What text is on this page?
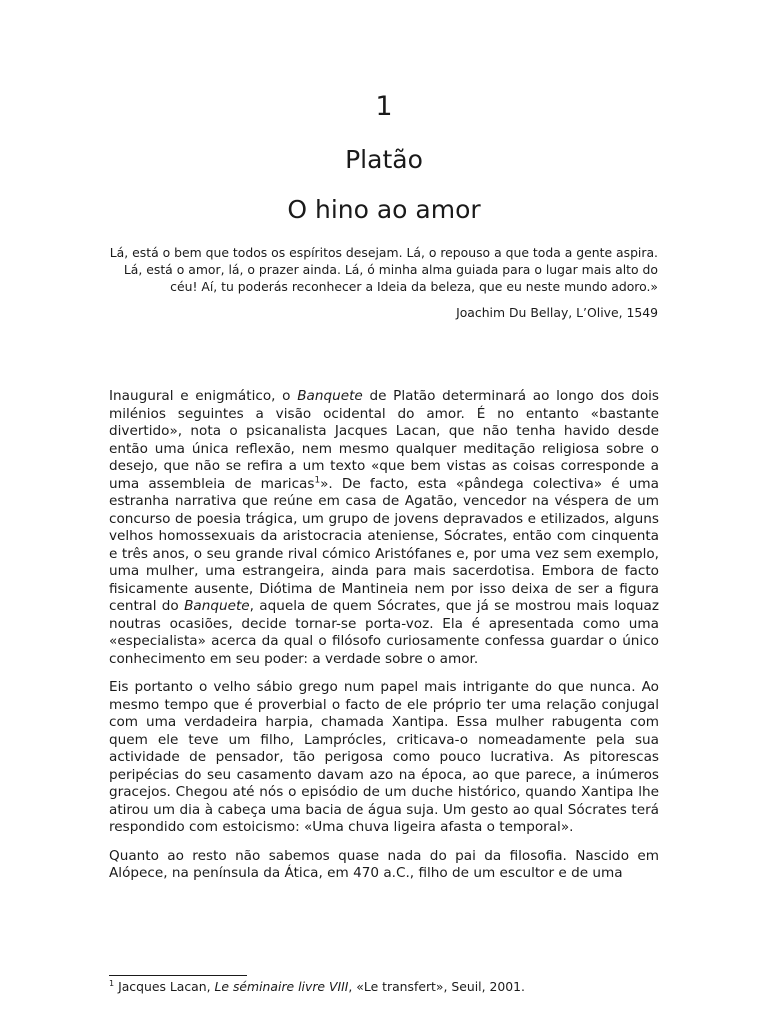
1
Platão
O hino ao amor

Lá, está o bem que todos os espíritos desejam. Lá, o repouso a que toda a gente aspira. Lá, está o amor, lá, o prazer ainda. Lá, ó minha alma guiada para o lugar mais alto do céu! Aí, tu poderás reconhecer a Ideia da beleza, que eu neste mundo adoro.»

Joachim Du Bellay, L’Olive, 1549

Inaugural e enigmático, o Banquete de Platão determinará ao longo dos dois milénios seguintes a visão ocidental do amor. É no entanto «bastante divertido», nota o psicanalista Jacques Lacan, que não tenha havido desde então uma única reflexão, nem mesmo qualquer meditação religiosa sobre o desejo, que não se refira a um texto «que bem vistas as coisas corresponde a uma assembleia de maricas$^1$». De facto, esta «pândega colectiva» é uma estranha narrativa que reúne em casa de Agatão, vencedor na véspera de um concurso de poesia trágica, um grupo de jovens depravados e etilizados, alguns velhos homossexuais da aristocracia ateniense, Sócrates, então com cinquenta e três anos, o seu grande rival cómico Aristófanes e, por uma vez sem exemplo, uma mulher, uma estrangeira, ainda para mais sacerdotisa. Embora de facto fisicamente ausente, Diótima de Mantineia nem por isso deixa de ser a figura central do Banquete, aquela de quem Sócrates, que já se mostrou mais loquaz noutras ocasiões, decide tornar-se porta-voz. Ela é apresentada como uma «especialista» acerca da qual o filósofo curiosamente confessa guardar o único conhecimento em seu poder: a verdade sobre o amor.

Eis portanto o velho sábio grego num papel mais intrigante do que nunca. Ao mesmo tempo que é proverbial o facto de ele próprio ter uma relação conjugal com uma verdadeira harpia, chamada Xantipa. Essa mulher rabugenta com quem ele teve um filho, Lamprócles, criticava-o nomeadamente pela sua actividade de pensador, tão perigosa como pouco lucrativa. As pitorescas peripécias do seu casamento davam azo na época, ao que parece, a inúmeros gracejos. Chegou até nós o episódio de um duche histórico, quando Xantipa lhe atirou um dia à cabeça uma bacia de água suja. Um gesto ao qual Sócrates terá respondido com estoicismo: «Uma chuva ligeira afasta o temporal».

Quanto ao resto não sabemos quase nada do pai da filosofia. Nascido em Alópece, na península da Ática, em 470 a.C., filho de um escultor e de uma

$^1$ Jacques Lacan, Le séminaire livre VIII, «Le transfert», Seuil, 2001.
